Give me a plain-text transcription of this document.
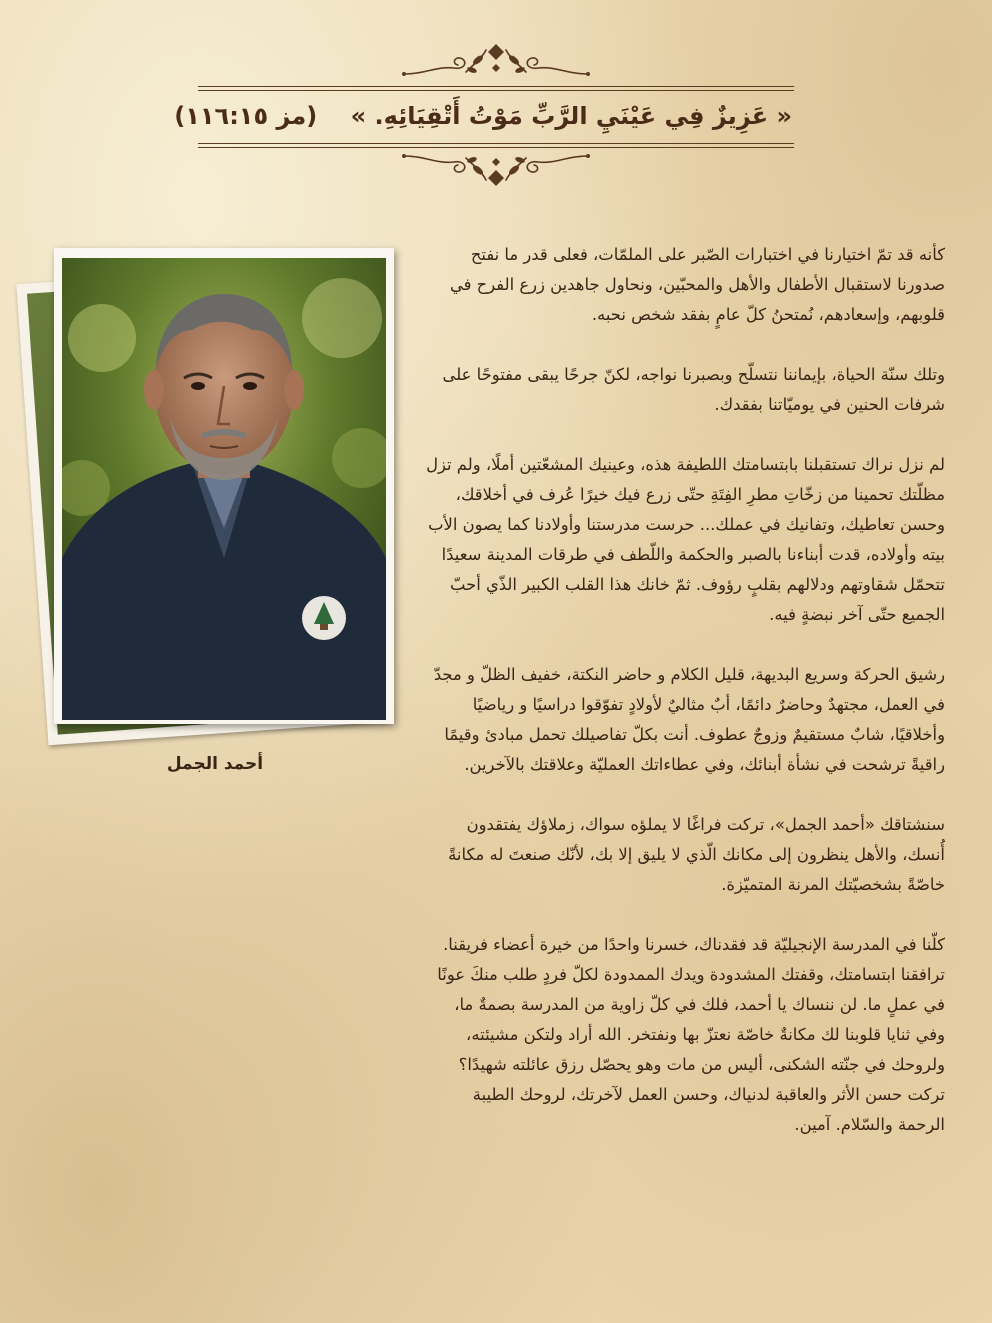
« عَزِيزٌ فِي عَيْنَيِ الرَّبِّ مَوْتُ أَتْقِيَائِهِ. »    (مز ١١٦:١٥)
أحمد الجمل

كأنه قد تمّ اختيارنا في اختبارات الصّبر على الملمّات، فعلى قدر ما نفتح صدورنا لاستقبال الأطفال والأهل والمحبّين، ونحاول جاهدين زرع الفرح في قلوبهم، وإسعادهم، نُمتحنُ كلّ عامٍ بفقد شخص نحبه.

وتلك سنّة الحياة، بإيماننا نتسلّح وبصبرنا نواجه، لكنّ جرحًا يبقى مفتوحًا على شرفات الحنين في يوميّاتنا بفقدك.

لم نزل نراك تستقبلنا بابتسامتك اللطيفة هذه، وعينيك المشعّتين أملًا، ولم تزل مظلّتك تحمينا من زخّاتِ مطرِ الفِتَةِ حتّى زرع فيك خيرًا عُرف في أخلاقك، وحسن تعاطيك، وتفانيك في عملك... حرست مدرستنا وأولادنا كما يصون الأب بيته وأولاده، قدت أبناءنا بالصبر والحكمة واللّطف في طرقات المدينة سعيدًا تتحمّل شقاوتهم ودلالهم بقلبٍ رؤوف. ثمّ خانك هذا القلب الكبير الذّي أحبّ الجميع حتّى آخر نبضةٍ فيه.

رشيق الحركة وسريع البديهة، قليل الكلام و حاضر النكتة، خفيف الظلّ و مجدّ في العمل، مجتهدٌ وحاضرٌ دائمًا، أبٌ مثاليٌ لأولادٍ تفوّقوا دراسيًا و رياضيًا وأخلاقيًا، شابٌ مستقيمٌ وزوجٌ عطوف. أنت بكلّ تفاصيلك تحمل مبادئ وقيمًا راقيةً ترشحت في نشأة أبنائك، وفي عطاءاتك العمليّة وعلاقتك بالآخرين.

سنشتاقك «أحمد الجمل»، تركت فراغًا لا يملؤه سواك، زملاؤك يفتقدون أُنسك، والأهل ينظرون إلى مكانك الّذي لا يليق إلا بك، لأنّك صنعتَ له مكانةً خاصّةً بشخصيّتك المرنة المتميّزة.

كلّنا في المدرسة الإنجيليّة قد فقدناك، خسرنا واحدًا من خيرة أعضاء فريقنا. ترافقنا ابتسامتك، وقفتك المشدودة ويدك الممدودة لكلّ فردٍ طلب منكَ عونًا في عملٍ ما. لن ننساك يا أحمد، فلك في كلّ زاوية من المدرسة بصمةٌ ما، وفي ثنايا قلوبنا لك مكانةٌ خاصّة نعتزّ بها ونفتخر. الله أراد ولتكن مشيئته، ولروحك في جنّته الشكنى، أليس من مات وهو يحصّل رزق عائلته شهيدًا؟ تركت حسن الأثر والعاقبة لدنياك، وحسن العمل لآخرتك، لروحك الطيبة الرحمة والسّلام. آمين.
